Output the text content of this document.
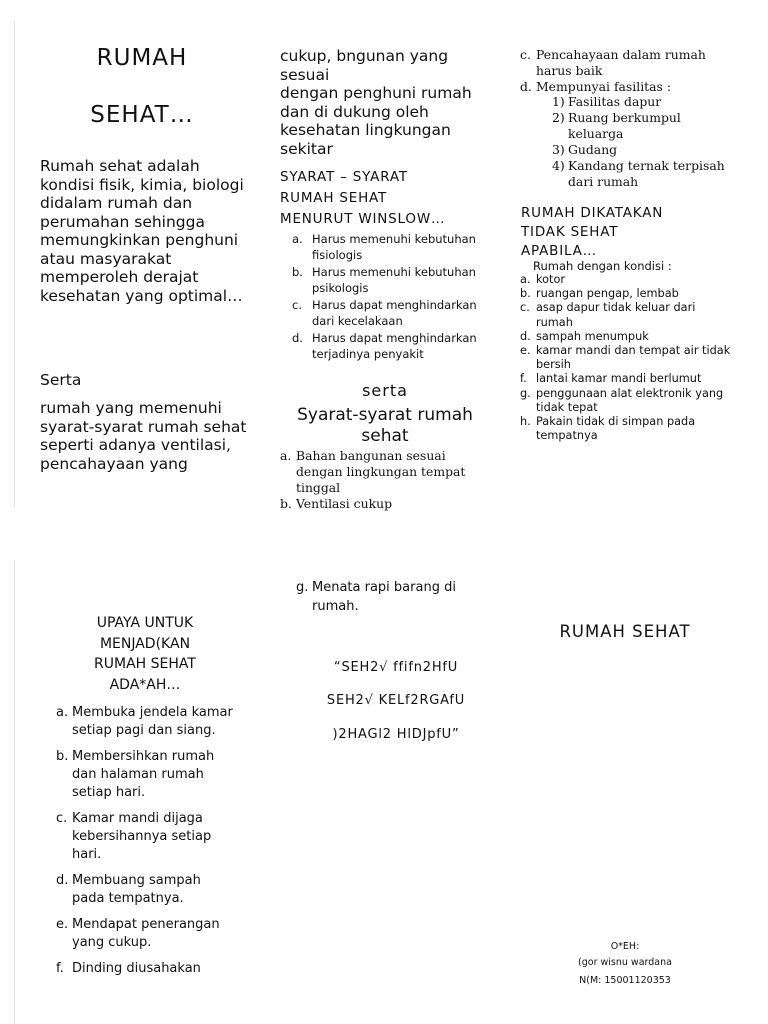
RUMAH
SEHAT…
Rumah sehat adalah kondisi fisik, kimia, biologi didalam rumah dan perumahan sehingga memungkinkan penghuni atau masyarakat memperoleh derajat kesehatan yang optimal…
Serta
rumah yang memenuhi syarat-syarat rumah sehat seperti adanya ventilasi, pencahayaan yang
cukup, bngunan yang sesuai
dengan penghuni rumah dan di dukung oleh kesehatan lingkungan sekitar
SYARAT – SYARAT
RUMAH SEHAT
MENURUT WINSLOW…
a. Harus memenuhi kebutuhan fisiologis
b. Harus memenuhi kebutuhan psikologis
c. Harus dapat menghindarkan dari kecelakaan
d. Harus dapat menghindarkan terjadinya penyakit
serta
Syarat-syarat rumah sehat
a. Bahan bangunan sesuai dengan lingkungan tempat tinggal
b. Ventilasi cukup
c. Pencahayaan dalam rumah harus baik
d. Mempunyai fasilitas :
1) Fasilitas dapur
2) Ruang berkumpul keluarga
3) Gudang
4) Kandang ternak terpisah dari rumah
RUMAH DIKATAKAN
TIDAK SEHAT
APABILA…
Rumah dengan kondisi :
a. kotor
b. ruangan pengap, lembab
c. asap dapur tidak keluar dari rumah
d. sampah menumpuk
e. kamar mandi dan tempat air tidak bersih
f. lantai kamar mandi berlumut
g. penggunaan alat elektronik yang tidak tepat
h. Pakain tidak di simpan pada tempatnya
UPAYA UNTUK
MENJAD(KAN
RUMAH SEHAT
ADA*AH…
a. Membuka jendela kamar setiap pagi dan siang.
b. Membersihkan rumah dan halaman rumah setiap hari.
c. Kamar mandi dijaga kebersihannya setiap hari.
d. Membuang sampah pada tempatnya.
e. Mendapat penerangan yang cukup.
f. Dinding diusahakan
g. Menata rapi barang di rumah.
“SEH2√ ffifn2HfU
SEH2√ KELf2RGAfU
)2HAGl2 HlDJpfU”
RUMAH SEHAT
O*EH:
(gor wisnu wardana
N(M: 15001120353
